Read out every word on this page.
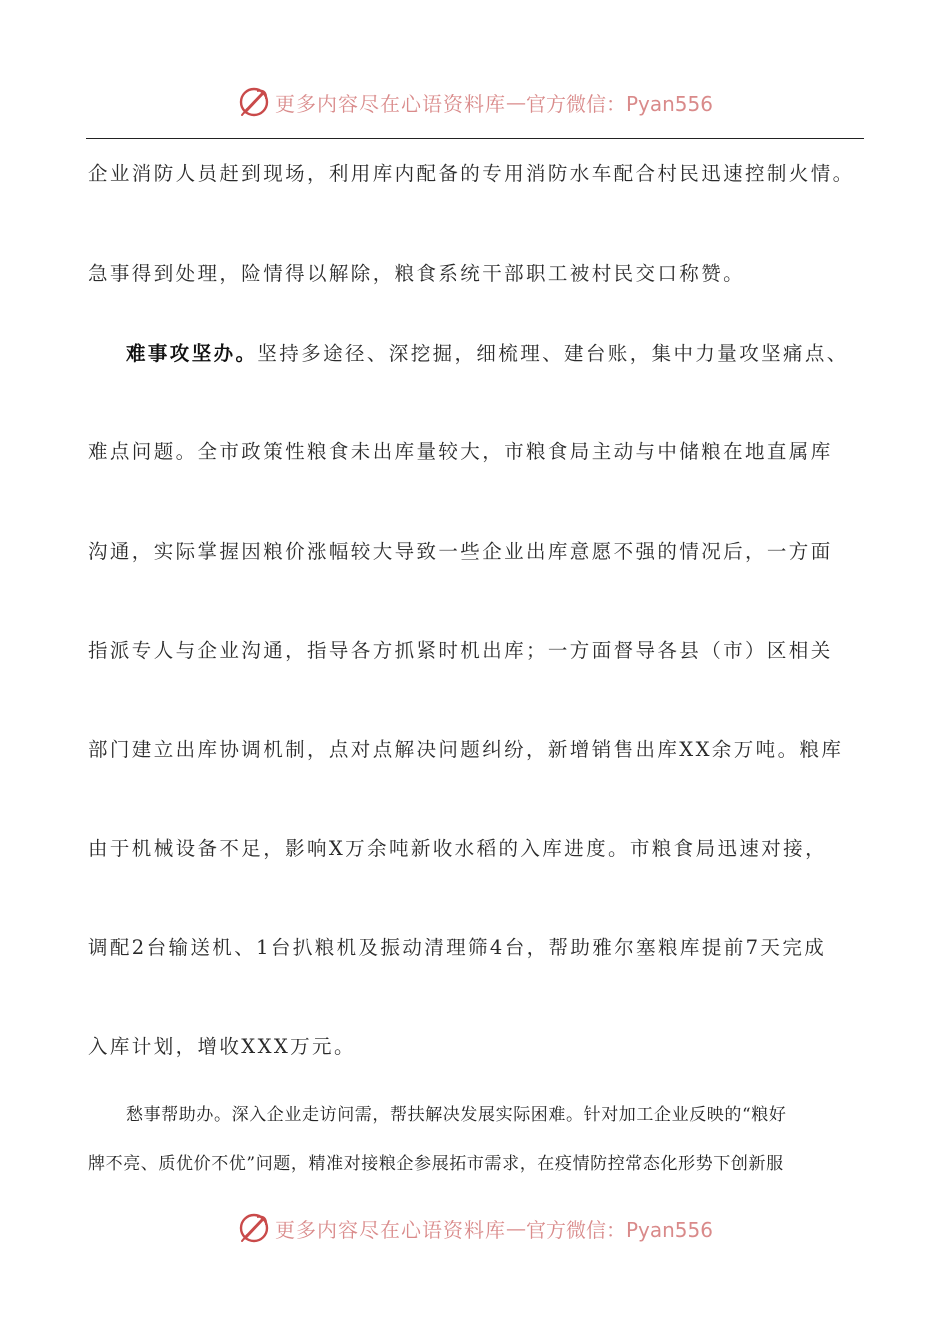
更多内容尽在心语资料库 — 官方微信：Pyan556
企业消防人员赶到现场，利用库内配备的专用消防水车配合村民迅速控制火情。
急事得到处理，险情得以解除，粮食系统干部职工被村民交口称赞。
难事攻坚办。坚持多途径、深挖掘，细梳理、建台账，集中力量攻坚痛点、
难点问题。全市政策性粮食未出库量较大，市粮食局主动与中储粮在地直属库
沟通，实际掌握因粮价涨幅较大导致一些企业出库意愿不强的情况后，一方面
指派专人与企业沟通，指导各方抓紧时机出库；一方面督导各县（市）区相关
部门建立出库协调机制，点对点解决问题纠纷，新增销售出库XX余万吨。粮库
由于机械设备不足，影响X万余吨新收水稻的入库进度。市粮食局迅速对接，
调配2台输送机、1台扒粮机及振动清理筛4台，帮助雅尔塞粮库提前7天完成
入库计划，增收XXX万元。
愁事帮助办。深入企业走访问需，帮扶解决发展实际困难。针对加工企业反映的“粮好
牌不亮、质优价不优”问题，精准对接粮企参展拓市需求，在疫情防控常态化形势下创新服
更多内容尽在心语资料库 — 官方微信：Pyan556
